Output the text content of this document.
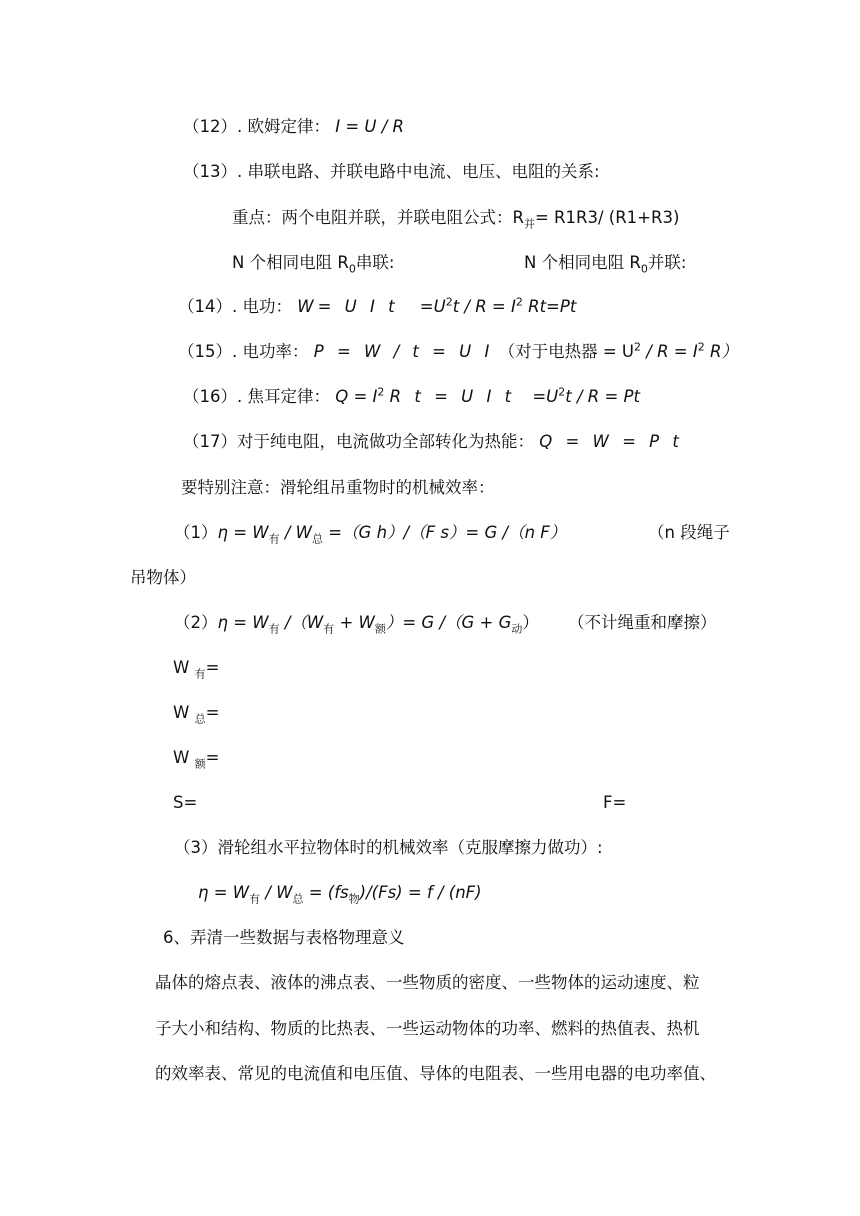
（12）. 欧姆定律： I = U / R
（13）. 串联电路、并联电路中电流、电压、电阻的关系:
重点：两个电阻并联，并联电阻公式：$R_并= R1R3/$ (R1+R3)
N 个相同电阻 $R_0$串联:	N 个相同电阻 $R_0$并联:
（14）. 电功： W= U I $t =U^2t / R = I^2$ Rt=Pt
（15）. 电功率： P = W / t = U I （对于电热器 = $U^2 / R = I^2$ R）
（16）. 焦耳定律： $Q = I^2$ R t = U I $t =U^2t / R = Pt$
（17）对于纯电阻，电流做功全部转化为热能： Q = W = P t
要特别注意：滑轮组吊重物时的机械效率：
$(1)\eta = W_有 / W_总 =(G$ h）/（F s）= G /（n F）	（n 段绳子
吊物体）
$(2)\eta = W_有$ $/(W_有 + W_额)= G$ $/(G + G_动)$ （不计绳重和摩擦）
W $_有$=
W $_总$=
W $_额$=
S=	F=
（3）滑轮组水平拉物体时的机械效率（克服摩擦力做功）:
$\eta = W_有 / W_总 = (fs_物)/(Fs) = f / (nF)$
6、弄清一些数据与表格物理意义
晶体的熔点表、液体的沸点表、一些物质的密度、一些物体的运动速度、粒
子大小和结构、物质的比热表、一些运动物体的功率、燃料的热值表、热机
的效率表、常见的电流值和电压值、导体的电阻表、一些用电器的电功率值、
